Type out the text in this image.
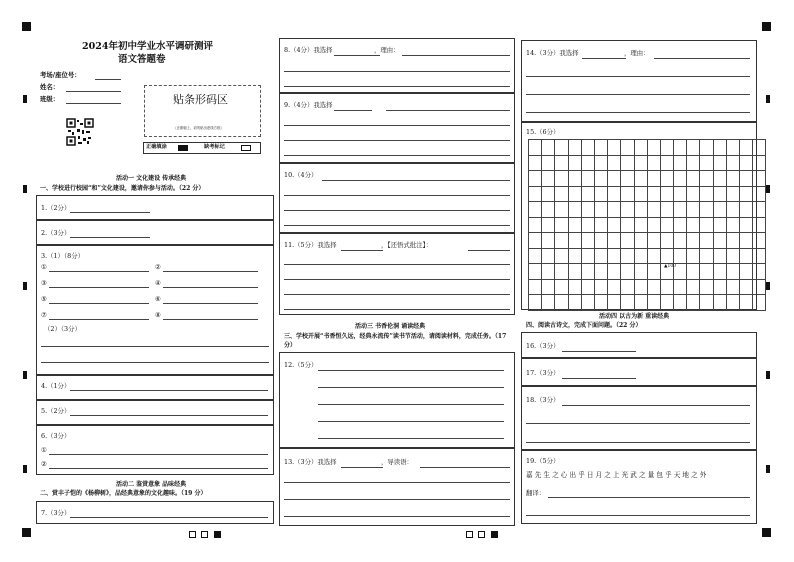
2024年初中学业水平调研测评
语文答题卷
考场/座位号：
姓名：
班级：	贴条形码区
（正面朝上，切勿贴出虚线方框）
正确填涂	缺考标记
活动一 文化建设 传承经典
一、学校进行校园“和”文化建设，邀请你参与活动。（22 分）
1.（2分）
2.（3分）
3.（1）（8分）
①	②
③	④
⑤	⑥
⑦	⑧
（2）（3分）
4.（1分）
5.（2分）
6.（3分）
①
②
活动二 鉴赏意象 品味经典
二、赏丰子恺的《杨柳树》，品经典意象的文化趣味。（19 分）
7.（3分）
8.（4分）我选择	，理由：
9.（4分）我选择
10.（4分）
11.（5分）我选择	，【还悟式批注】：
活动三 书香伦洞 诵读经典
三、学校开展“书香恒久远，经典永流传”读书节活动，请阅读材料，完成任务。（17 分）
12.（5分）
13.（3分）我选择	，导读语：
14.（3分）我选择	，理由：
15.（6分）

▲100
活动四 以古为新 重读经典
四、阅读古诗文，完成下面问题。（22 分）
16.（3分）
17.（3分）
18.（3分）
19.（5分）
嘉 先 生 之 心 出 乎 日 月 之 上 光 武 之 量 包 乎 天 地 之 外
翻译：
